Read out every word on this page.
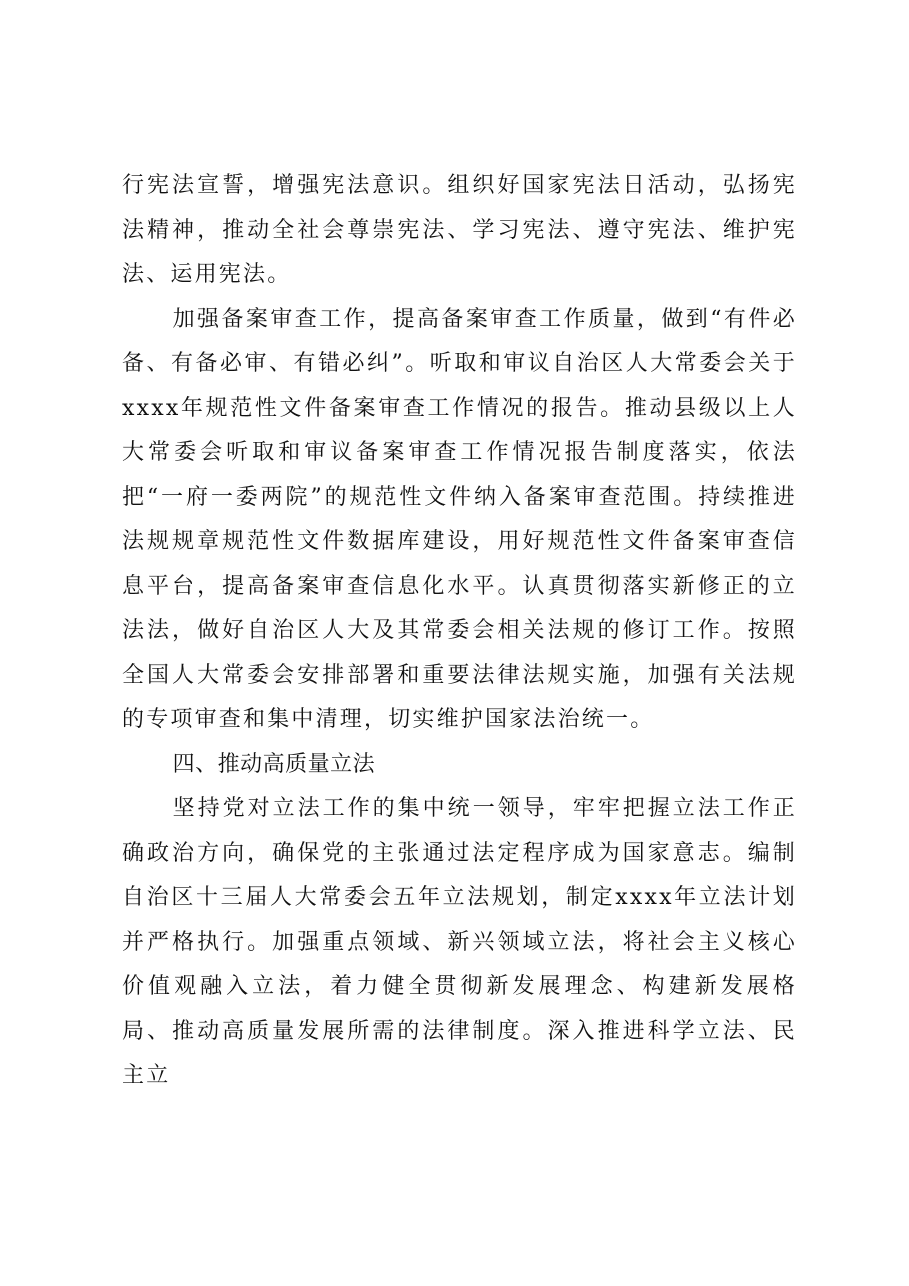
行宪法宣誓，增强宪法意识。组织好国家宪法日活动，弘扬宪法精神，推动全社会尊崇宪法、学习宪法、遵守宪法、维护宪法、运用宪法。

加强备案审查工作，提高备案审查工作质量，做到“有件必备、有备必审、有错必纠”。听取和审议自治区人大常委会关于xxxx年规范性文件备案审查工作情况的报告。推动县级以上人大常委会听取和审议备案审查工作情况报告制度落实，依法把“一府一委两院”的规范性文件纳入备案审查范围。持续推进法规规章规范性文件数据库建设，用好规范性文件备案审查信息平台，提高备案审查信息化水平。认真贯彻落实新修正的立法法，做好自治区人大及其常委会相关法规的修订工作。按照全国人大常委会安排部署和重要法律法规实施，加强有关法规的专项审查和集中清理，切实维护国家法治统一。

四、推动高质量立法

坚持党对立法工作的集中统一领导，牢牢把握立法工作正确政治方向，确保党的主张通过法定程序成为国家意志。编制自治区十三届人大常委会五年立法规划，制定xxxx年立法计划并严格执行。加强重点领域、新兴领域立法，将社会主义核心价值观融入立法，着力健全贯彻新发展理念、构建新发展格局、推动高质量发展所需的法律制度。深入推进科学立法、民主立
